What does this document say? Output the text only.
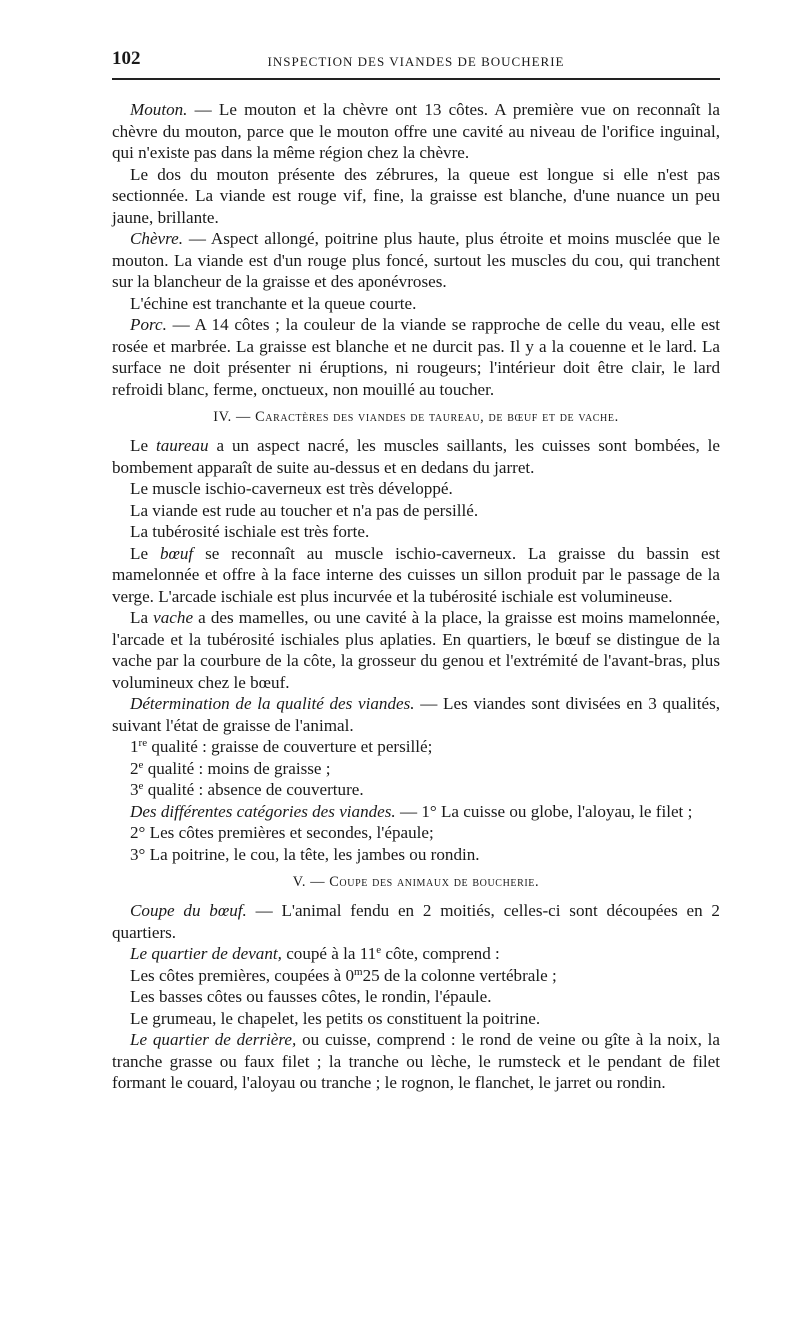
102	INSPECTION DES VIANDES DE BOUCHERIE

Mouton. — Le mouton et la chèvre ont 13 côtes. A première vue on reconnaît la chèvre du mouton, parce que le mouton offre une cavité au niveau de l'orifice inguinal, qui n'existe pas dans la même région chez la chèvre.

Le dos du mouton présente des zébrures, la queue est longue si elle n'est pas sectionnée. La viande est rouge vif, fine, la graisse est blanche, d'une nuance un peu jaune, brillante.

Chèvre. — Aspect allongé, poitrine plus haute, plus étroite et moins musclée que le mouton. La viande est d'un rouge plus foncé, surtout les muscles du cou, qui tranchent sur la blancheur de la graisse et des aponévroses.

L'échine est tranchante et la queue courte.

Porc. — A 14 côtes ; la couleur de la viande se rapproche de celle du veau, elle est rosée et marbrée. La graisse est blanche et ne durcit pas. Il y a la couenne et le lard. La surface ne doit présenter ni éruptions, ni rougeurs; l'intérieur doit être clair, le lard refroidi blanc, ferme, onctueux, non mouillé au toucher.

IV. — Caractères des viandes de taureau, de bœuf et de vache.

Le taureau a un aspect nacré, les muscles saillants, les cuisses sont bombées, le bombement apparaît de suite au-dessus et en dedans du jarret.

Le muscle ischio-caverneux est très développé.

La viande est rude au toucher et n'a pas de persillé.

La tubérosité ischiale est très forte.

Le bœuf se reconnaît au muscle ischio-caverneux. La graisse du bassin est mamelonnée et offre à la face interne des cuisses un sillon produit par le passage de la verge. L'arcade ischiale est plus incurvée et la tubérosité ischiale est volumineuse.

La vache a des mamelles, ou une cavité à la place, la graisse est moins mamelonnée, l'arcade et la tubérosité ischiales plus aplaties. En quartiers, le bœuf se distingue de la vache par la courbure de la côte, la grosseur du genou et l'extrémité de l'avant-bras, plus volumineux chez le bœuf.

Détermination de la qualité des viandes. — Les viandes sont divisées en 3 qualités, suivant l'état de graisse de l'animal.

1re qualité : graisse de couverture et persillé;

2e qualité : moins de graisse ;

3e qualité : absence de couverture.

Des différentes catégories des viandes. — 1° La cuisse ou globe, l'aloyau, le filet ;

2° Les côtes premières et secondes, l'épaule;

3° La poitrine, le cou, la tête, les jambes ou rondin.

V. — Coupe des animaux de boucherie.

Coupe du bœuf. — L'animal fendu en 2 moitiés, celles-ci sont découpées en 2 quartiers.

Le quartier de devant, coupé à la 11e côte, comprend :

Les côtes premières, coupées à 0$^m$25 de la colonne vertébrale ;

Les basses côtes ou fausses côtes, le rondin, l'épaule.

Le grumeau, le chapelet, les petits os constituent la poitrine.

Le quartier de derrière, ou cuisse, comprend : le rond de veine ou gîte à la noix, la tranche grasse ou faux filet ; la tranche ou lèche, le rumsteck et le pendant de filet formant le couard, l'aloyau ou tranche ; le rognon, le flanchet, le jarret ou rondin.
